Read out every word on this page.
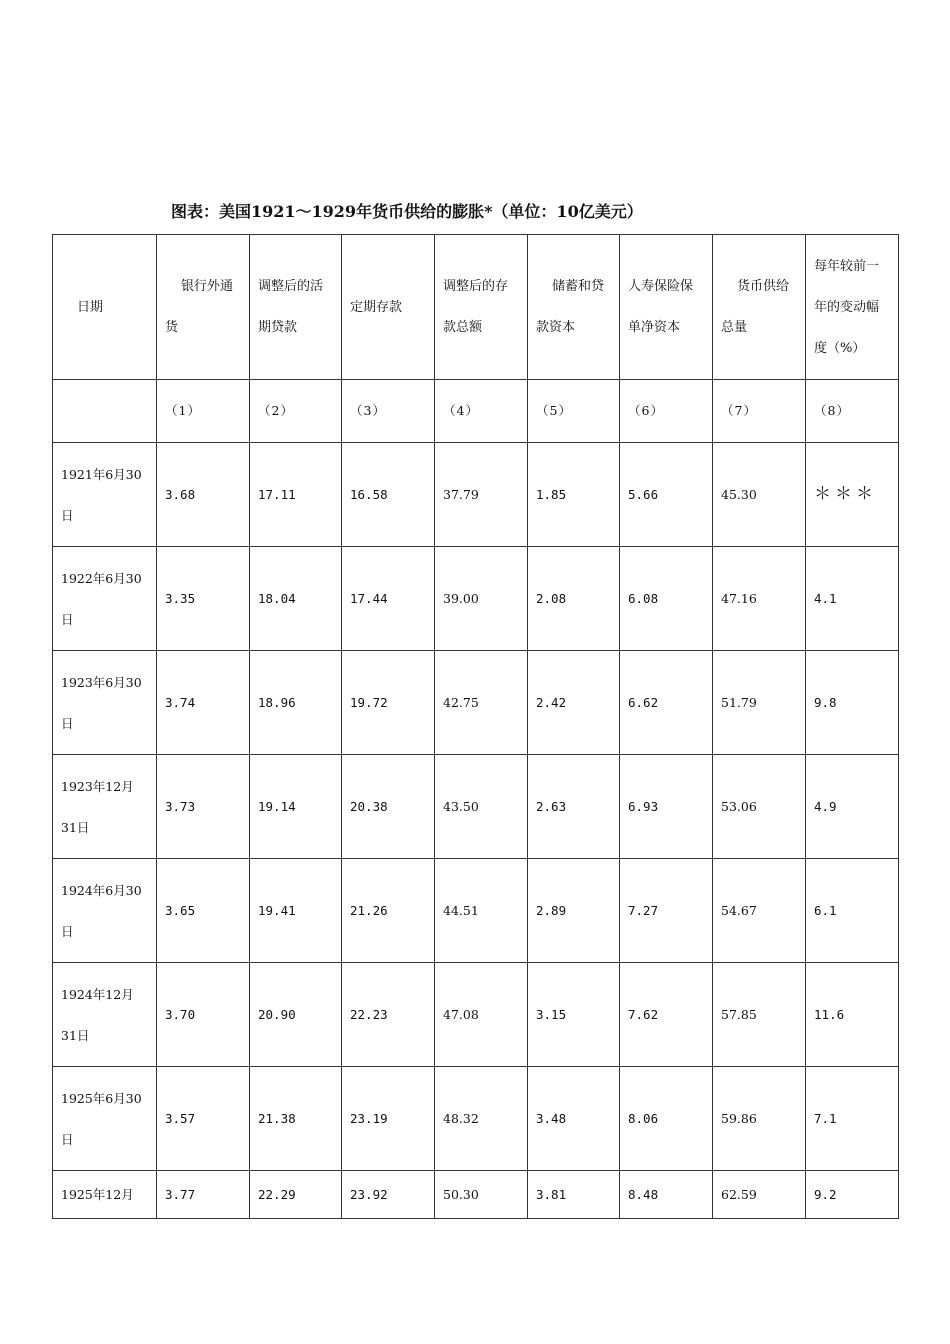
图表：美国1921～1929年货币供给的膨胀*（单位：10亿美元）
日期	银行外通货	调整后的活期贷款	定期存款	调整后的存款总额	储蓄和贷款资本	人寿保险保单净资本	货币供给总量	每年较前一年的变动幅度（%）

	（1）	（2）	（3）	（4）	（5）	（6）	（7）	（8）

1921年6月30日	3.68	17.11	16.58	37.79	1.85	5.66	45.30	＊＊＊

1922年6月30日	3.35	18.04	17.44	39.00	2.08	6.08	47.16	4.1

1923年6月30日	3.74	18.96	19.72	42.75	2.42	6.62	51.79	9.8

1923年12月31日	3.73	19.14	20.38	43.50	2.63	6.93	53.06	4.9

1924年6月30日	3.65	19.41	21.26	44.51	2.89	7.27	54.67	6.1

1924年12月31日	3.70	20.90	22.23	47.08	3.15	7.62	57.85	11.6

1925年6月30日	3.57	21.38	23.19	48.32	3.48	8.06	59.86	7.1

1925年12月	3.77	22.29	23.92	50.30	3.81	8.48	62.59	9.2
